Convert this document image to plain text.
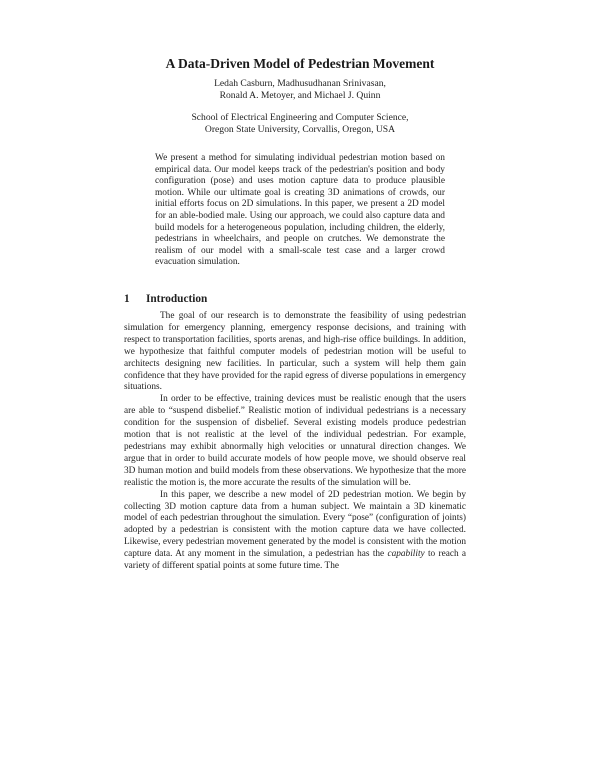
A Data-Driven Model of Pedestrian Movement
Ledah Casburn, Madhusudhanan Srinivasan,
Ronald A. Metoyer, and Michael J. Quinn
School of Electrical Engineering and Computer Science,
Oregon State University, Corvallis, Oregon, USA

We present a method for simulating individual pedestrian motion based on empirical data. Our model keeps track of the pedestrian's position and body configuration (pose) and uses motion capture data to produce plausible motion. While our ultimate goal is creating 3D animations of crowds, our initial efforts focus on 2D simulations. In this paper, we present a 2D model for an able-bodied male. Using our approach, we could also capture data and build models for a heterogeneous population, including children, the elderly, pedestrians in wheelchairs, and people on crutches. We demonstrate the realism of our model with a small-scale test case and a larger crowd evacuation simulation.

1 Introduction

The goal of our research is to demonstrate the feasibility of using pedestrian simulation for emergency planning, emergency response decisions, and training with respect to transportation facilities, sports arenas, and high-rise office buildings. In addition, we hypothesize that faithful computer models of pedestrian motion will be useful to architects designing new facilities. In particular, such a system will help them gain confidence that they have provided for the rapid egress of diverse populations in emergency situations.

In order to be effective, training devices must be realistic enough that the users are able to “suspend disbelief.” Realistic motion of individual pedestrians is a necessary condition for the suspension of disbelief. Several existing models produce pedestrian motion that is not realistic at the level of the individual pedestrian. For example, pedestrians may exhibit abnormally high velocities or unnatural direction changes. We argue that in order to build accurate models of how people move, we should observe real 3D human motion and build models from these observations. We hypothesize that the more realistic the motion is, the more accurate the results of the simulation will be.

In this paper, we describe a new model of 2D pedestrian motion. We begin by collecting 3D motion capture data from a human subject. We maintain a 3D kinematic model of each pedestrian throughout the simulation. Every “pose” (configuration of joints) adopted by a pedestrian is consistent with the motion capture data we have collected. Likewise, every pedestrian movement generated by the model is consistent with the motion capture data. At any moment in the simulation, a pedestrian has the capability to reach a variety of different spatial points at some future time. The
